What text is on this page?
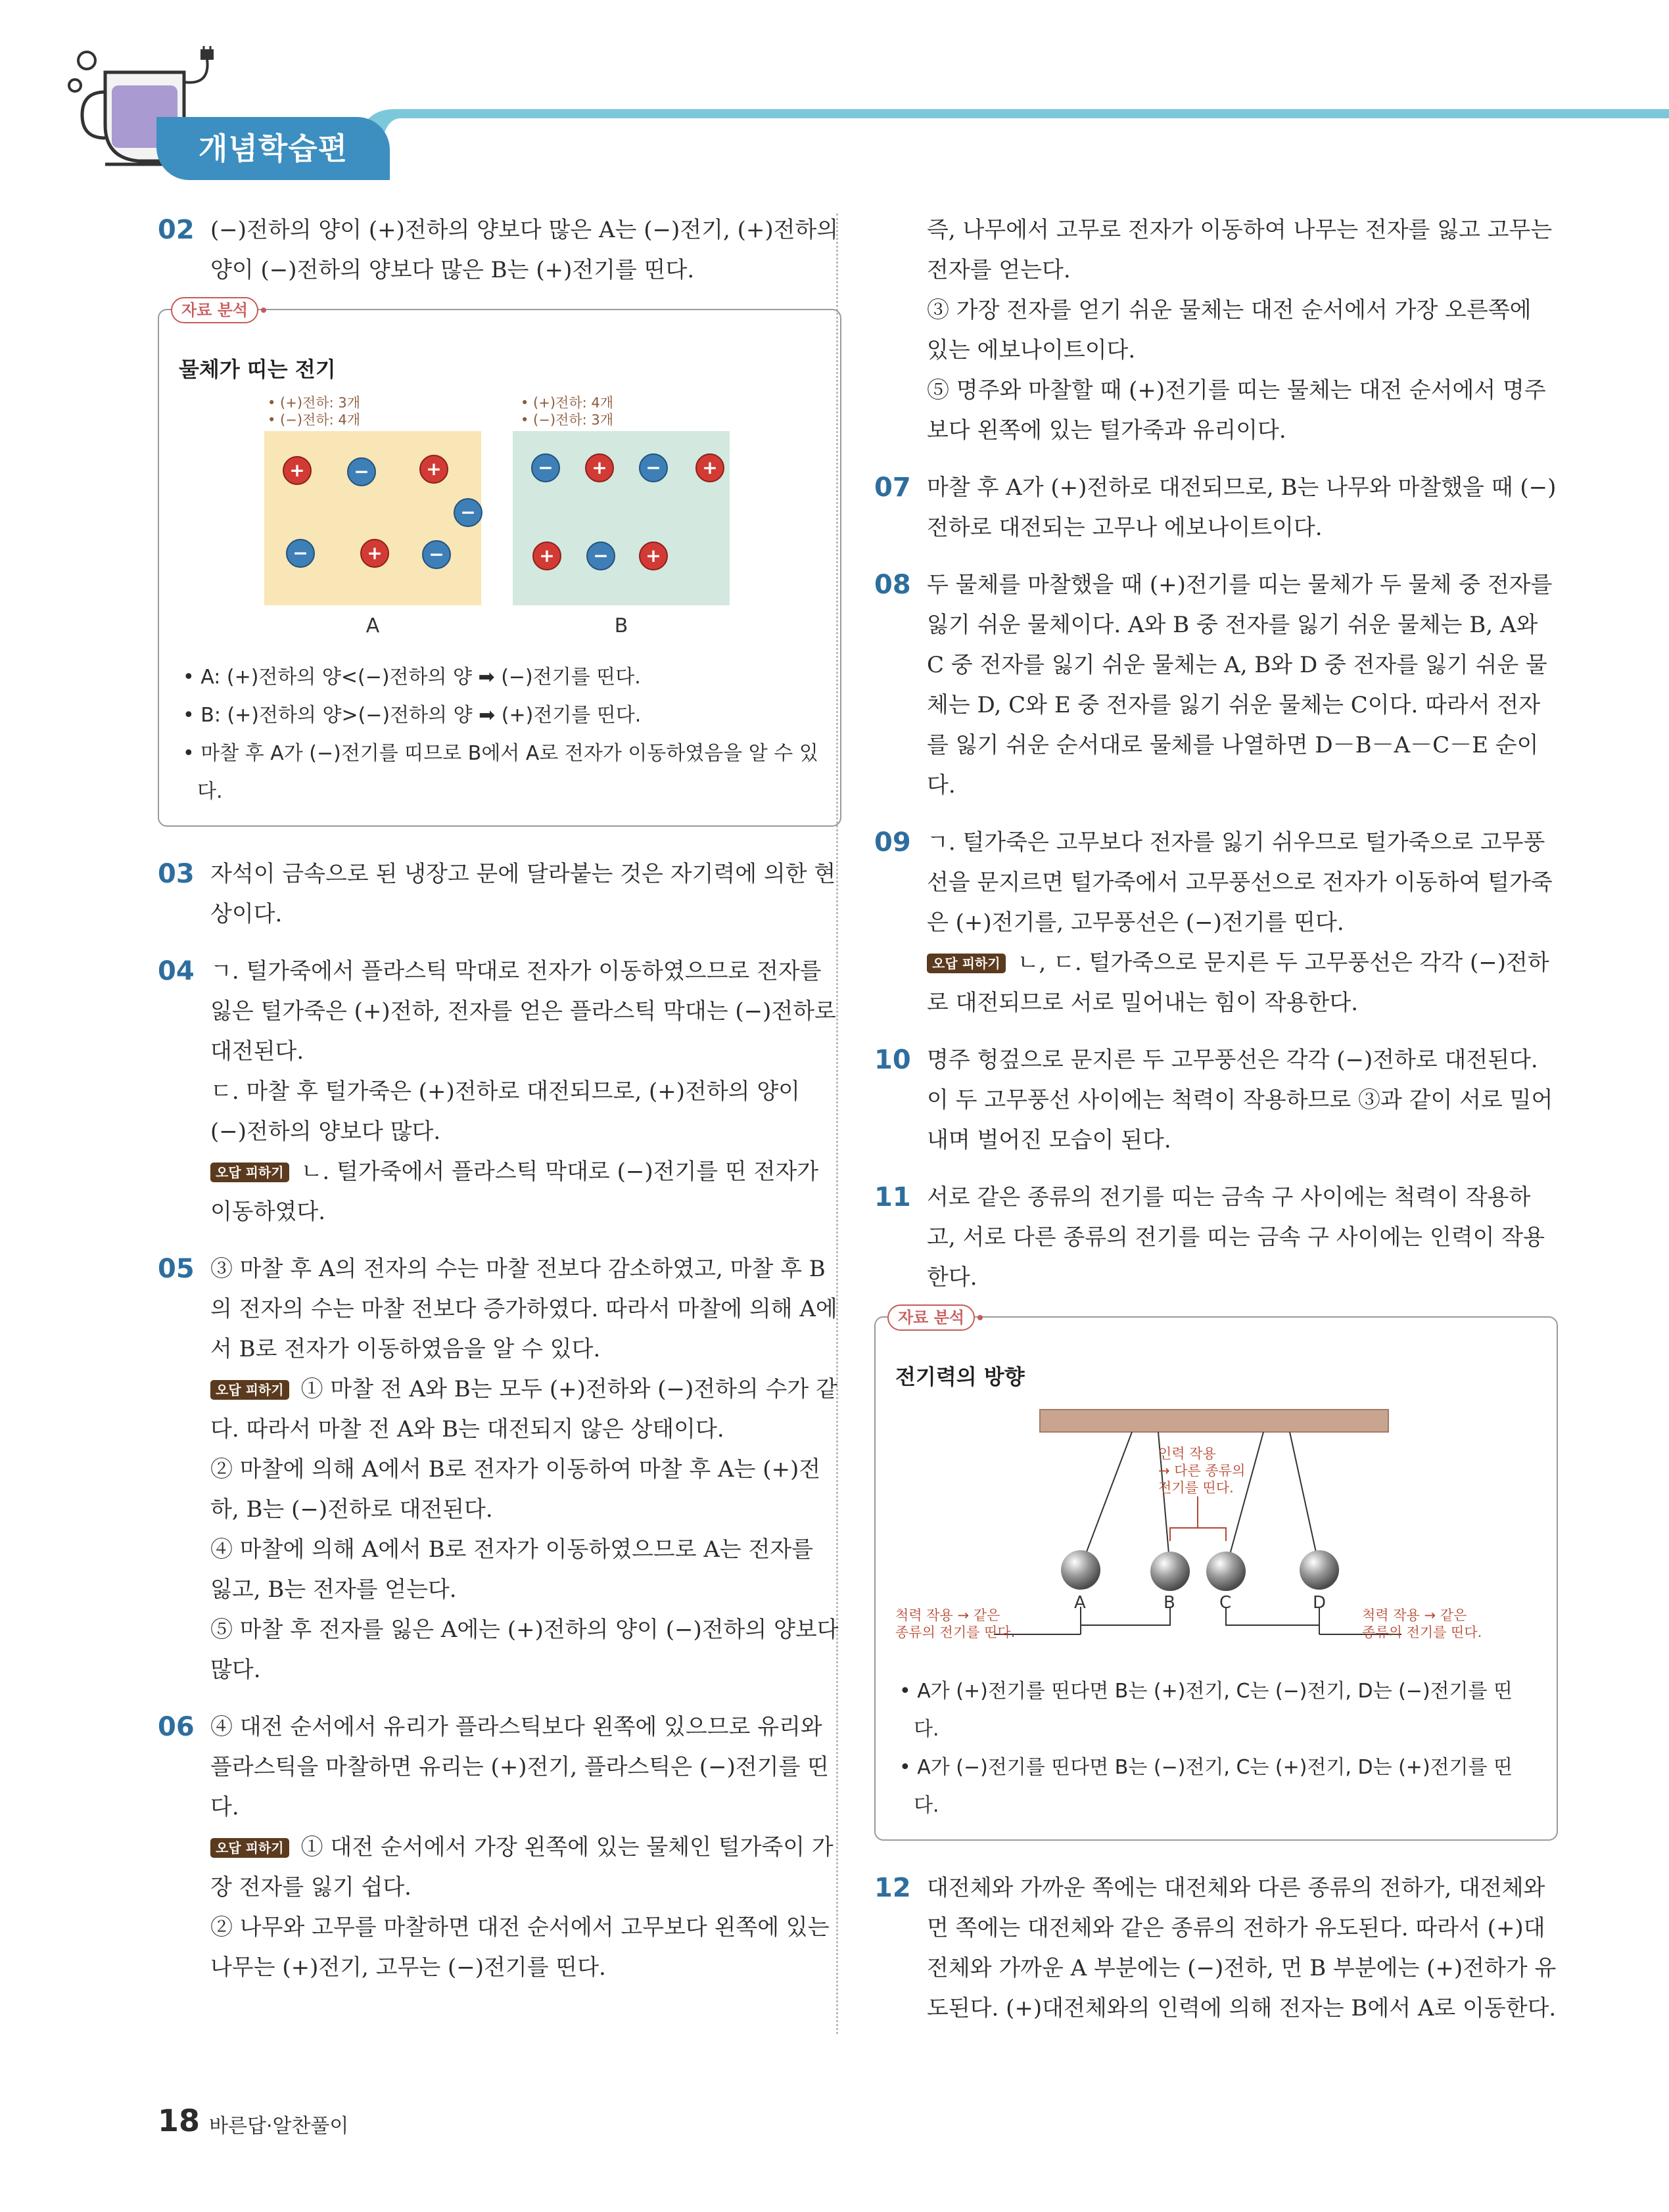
개념학습편
02 (−)전하의 양이 (+)전하의 양보다 많은 A는 (−)전기, (+)전하의 양이 (−)전하의 양보다 많은 B는 (+)전기를 띤다.
자료 분석
물체가 띠는 전기
• (+)전하: 3개
• (−)전하: 4개
• (+)전하: 4개
• (−)전하: 3개
+	−	+
−
−	+	−
− + − +
+ − +
A	B
• A: (+)전하의 양<(−)전하의 양 ➡ (−)전기를 띤다.
• B: (+)전하의 양>(−)전하의 양 ➡ (+)전기를 띤다.
• 마찰 후 A가 (−)전기를 띠므로 B에서 A로 전자가 이동하였음을 알 수 있다.
03 자석이 금속으로 된 냉장고 문에 달라붙는 것은 자기력에 의한 현상이다.
04 ㄱ. 털가죽에서 플라스틱 막대로 전자가 이동하였으므로 전자를 잃은 털가죽은 (+)전하, 전자를 얻은 플라스틱 막대는 (−)전하로 대전된다.
ㄷ. 마찰 후 털가죽은 (+)전하로 대전되므로, (+)전하의 양이 (−)전하의 양보다 많다.
오답 피하기 ㄴ. 털가죽에서 플라스틱 막대로 (−)전기를 띤 전자가 이동하였다.
05 ③ 마찰 후 A의 전자의 수는 마찰 전보다 감소하였고, 마찰 후 B의 전자의 수는 마찰 전보다 증가하였다. 따라서 마찰에 의해 A에서 B로 전자가 이동하였음을 알 수 있다.
오답 피하기 ① 마찰 전 A와 B는 모두 (+)전하와 (−)전하의 수가 같다. 따라서 마찰 전 A와 B는 대전되지 않은 상태이다.
② 마찰에 의해 A에서 B로 전자가 이동하여 마찰 후 A는 (+)전하, B는 (−)전하로 대전된다.
④ 마찰에 의해 A에서 B로 전자가 이동하였으므로 A는 전자를 잃고, B는 전자를 얻는다.
⑤ 마찰 후 전자를 잃은 A에는 (+)전하의 양이 (−)전하의 양보다 많다.
06 ④ 대전 순서에서 유리가 플라스틱보다 왼쪽에 있으므로 유리와 플라스틱을 마찰하면 유리는 (+)전기, 플라스틱은 (−)전기를 띤다.
오답 피하기 ① 대전 순서에서 가장 왼쪽에 있는 물체인 털가죽이 가장 전자를 잃기 쉽다.
② 나무와 고무를 마찰하면 대전 순서에서 고무보다 왼쪽에 있는 나무는 (+)전기, 고무는 (−)전기를 띤다.
즉, 나무에서 고무로 전자가 이동하여 나무는 전자를 잃고 고무는 전자를 얻는다.
③ 가장 전자를 얻기 쉬운 물체는 대전 순서에서 가장 오른쪽에 있는 에보나이트이다.
⑤ 명주와 마찰할 때 (+)전기를 띠는 물체는 대전 순서에서 명주보다 왼쪽에 있는 털가죽과 유리이다.
07 마찰 후 A가 (+)전하로 대전되므로, B는 나무와 마찰했을 때 (−)전하로 대전되는 고무나 에보나이트이다.
08 두 물체를 마찰했을 때 (+)전기를 띠는 물체가 두 물체 중 전자를 잃기 쉬운 물체이다. A와 B 중 전자를 잃기 쉬운 물체는 B, A와 C 중 전자를 잃기 쉬운 물체는 A, B와 D 중 전자를 잃기 쉬운 물체는 D, C와 E 중 전자를 잃기 쉬운 물체는 C이다. 따라서 전자를 잃기 쉬운 순서대로 물체를 나열하면 D－B－A－C－E 순이다.
09 ㄱ. 털가죽은 고무보다 전자를 잃기 쉬우므로 털가죽으로 고무풍선을 문지르면 털가죽에서 고무풍선으로 전자가 이동하여 털가죽은 (+)전기를, 고무풍선은 (−)전기를 띤다.
오답 피하기 ㄴ, ㄷ. 털가죽으로 문지른 두 고무풍선은 각각 (−)전하로 대전되므로 서로 밀어내는 힘이 작용한다.
10 명주 헝겊으로 문지른 두 고무풍선은 각각 (−)전하로 대전된다. 이 두 고무풍선 사이에는 척력이 작용하므로 ③과 같이 서로 밀어내며 벌어진 모습이 된다.
11 서로 같은 종류의 전기를 띠는 금속 구 사이에는 척력이 작용하고, 서로 다른 종류의 전기를 띠는 금속 구 사이에는 인력이 작용한다.
자료 분석
전기력의 방향
A	B	C	D
인력 작용
→ 다른 종류의
전기를 띤다.
척력 작용 → 같은
종류의 전기를 띤다.
척력 작용 → 같은
종류의 전기를 띤다.
• A가 (+)전기를 띤다면 B는 (+)전기, C는 (−)전기, D는 (−)전기를 띤다.
• A가 (−)전기를 띤다면 B는 (−)전기, C는 (+)전기, D는 (+)전기를 띤다.
12 대전체와 가까운 쪽에는 대전체와 다른 종류의 전하가, 대전체와 먼 쪽에는 대전체와 같은 종류의 전하가 유도된다. 따라서 (+)대전체와 가까운 A 부분에는 (−)전하, 먼 B 부분에는 (+)전하가 유도된다. (+)대전체와의 인력에 의해 전자는 B에서 A로 이동한다.
18 바른답·알찬풀이
